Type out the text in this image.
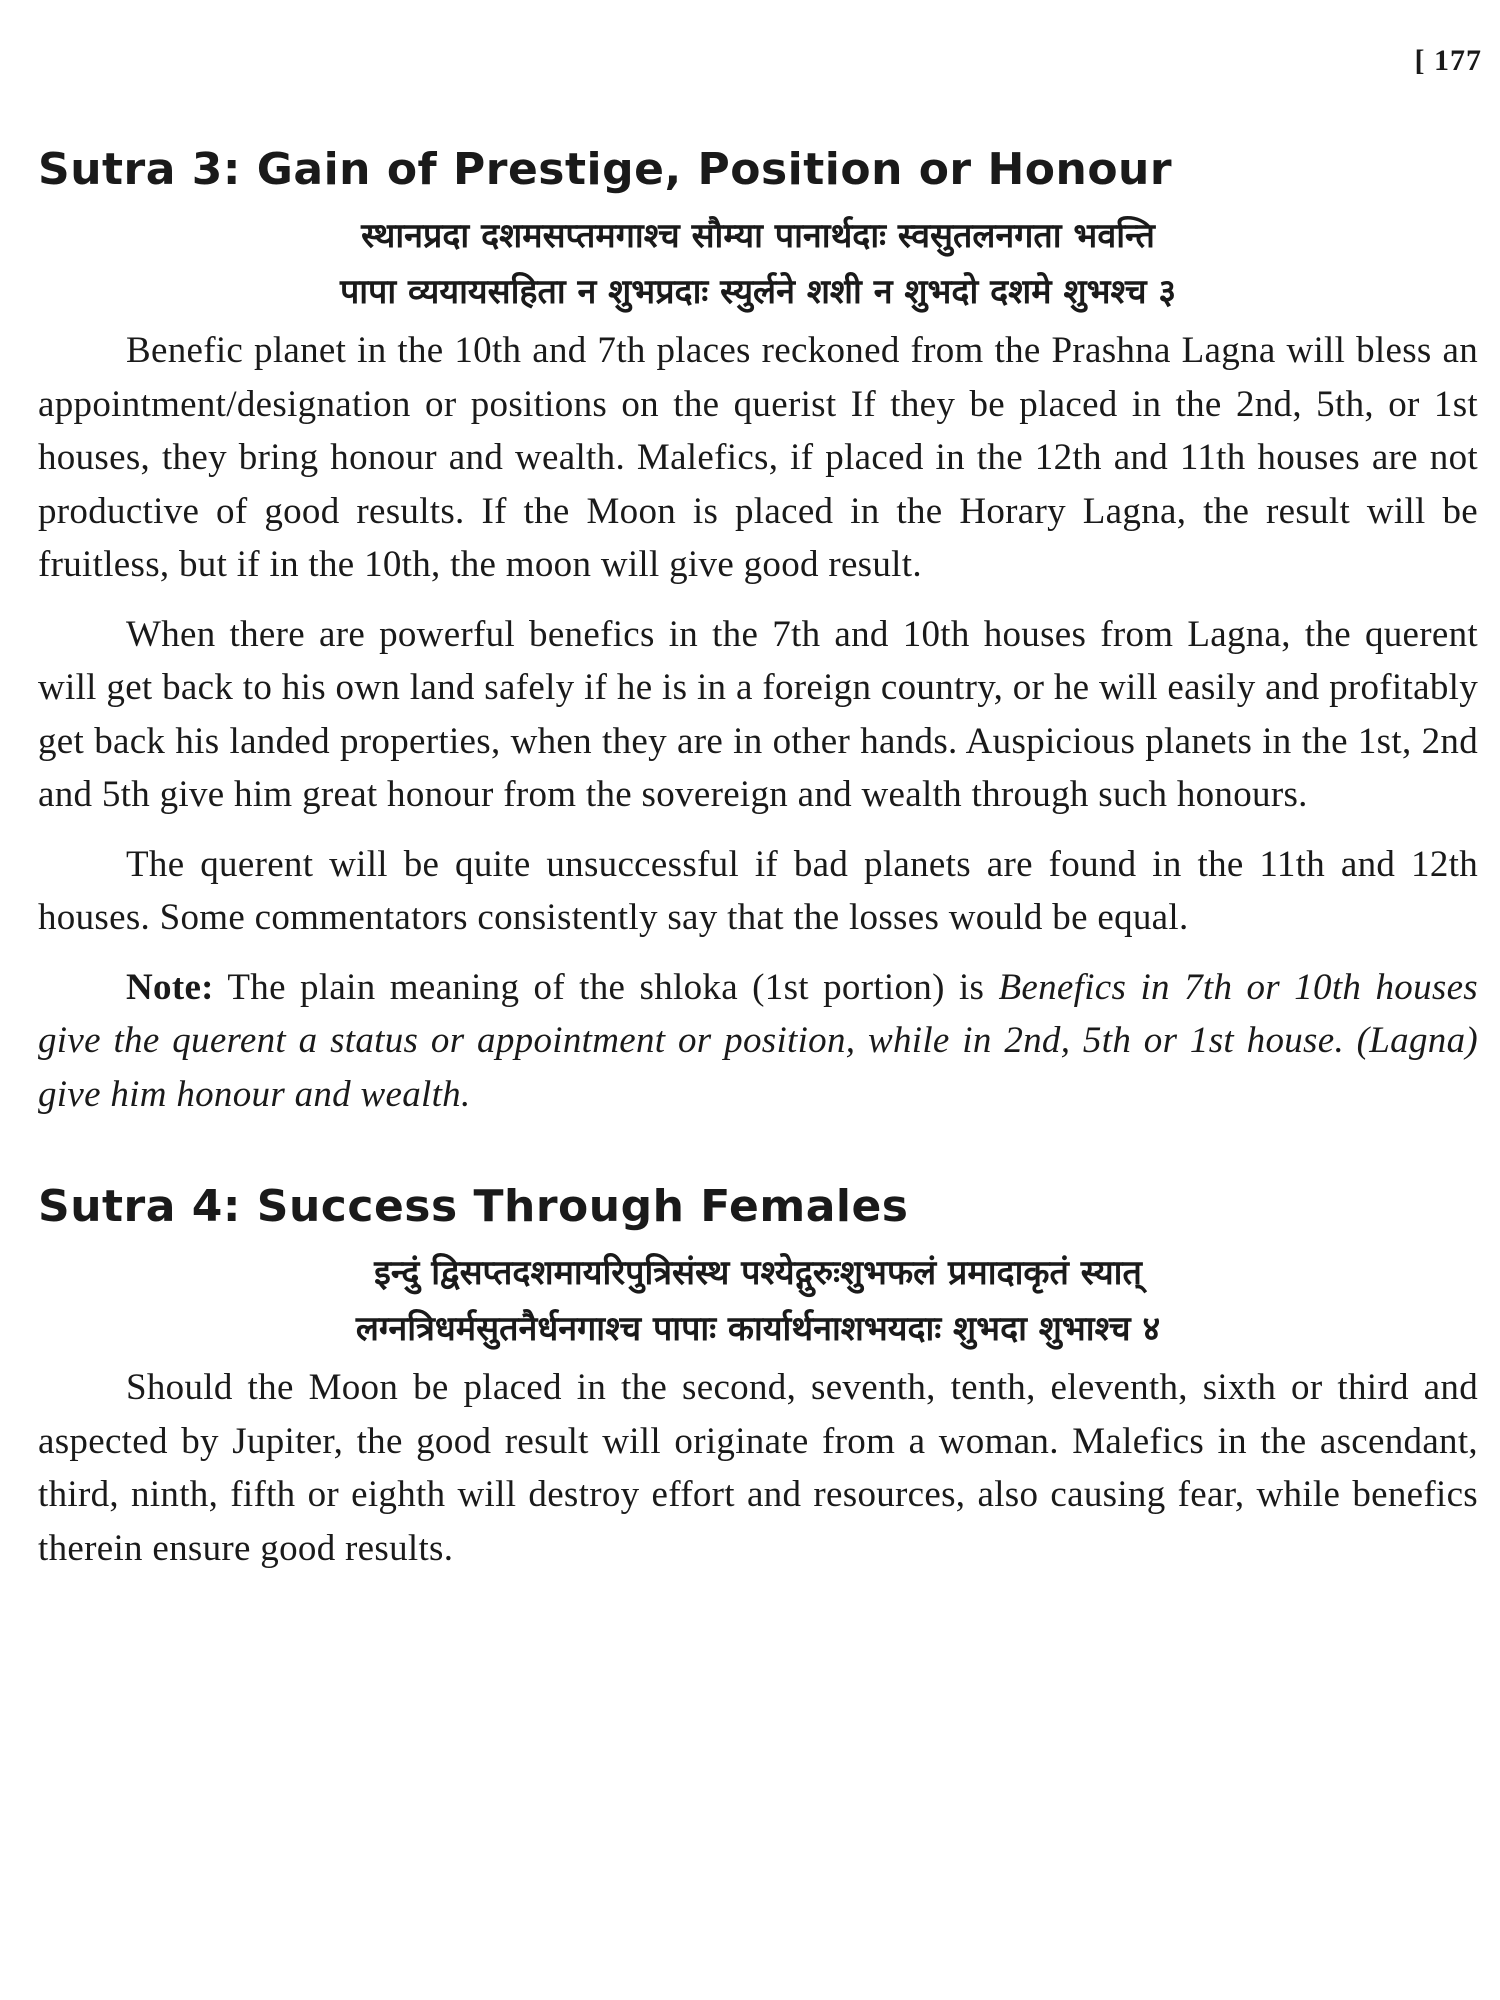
[ 177
Sutra 3: Gain of Prestige, Position or Honour

स्थानप्रदा दशमसप्तमगाश्च सौम्या पानार्थदाः स्वसुतलनगता भवन्ति

पापा व्ययायसहिता न शुभप्रदाः स्युर्लने शशी न शुभदो दशमे शुभश्च ३

Benefic planet in the 10th and 7th places reckoned from the Prashna Lagna will bless an appointment/designation or positions on the querist If they be placed in the 2nd, 5th, or 1st houses, they bring honour and wealth. Malefics, if placed in the 12th and 11th houses are not productive of good results. If the Moon is placed in the Horary Lagna, the result will be fruitless, but if in the 10th, the moon will give good result.

When there are powerful benefics in the 7th and 10th houses from Lagna, the querent will get back to his own land safely if he is in a foreign country, or he will easily and profitably get back his landed properties, when they are in other hands. Auspicious planets in the 1st, 2nd and 5th give him great honour from the sovereign and wealth through such honours.

The querent will be quite unsuccessful if bad planets are found in the 11th and 12th houses. Some commentators consistently say that the losses would be equal.

Note: The plain meaning of the shloka (1st portion) is Benefics in 7th or 10th houses give the querent a status or appointment or position, while in 2nd, 5th or 1st house. (Lagna) give him honour and wealth.

Sutra 4: Success Through Females

इन्दुं द्विसप्तदशमायरिपुत्रिसंस्थ पश्येद्गुरुःशुभफलं प्रमादाकृतं स्यात्

लग्नत्रिधर्मसुतनैर्धनगाश्च पापाः कार्यार्थनाशभयदाः शुभदा शुभाश्च ४

Should the Moon be placed in the second, seventh, tenth, eleventh, sixth or third and aspected by Jupiter, the good result will originate from a woman. Malefics in the ascendant, third, ninth, fifth or eighth will destroy effort and resources, also causing fear, while benefics therein ensure good results.
